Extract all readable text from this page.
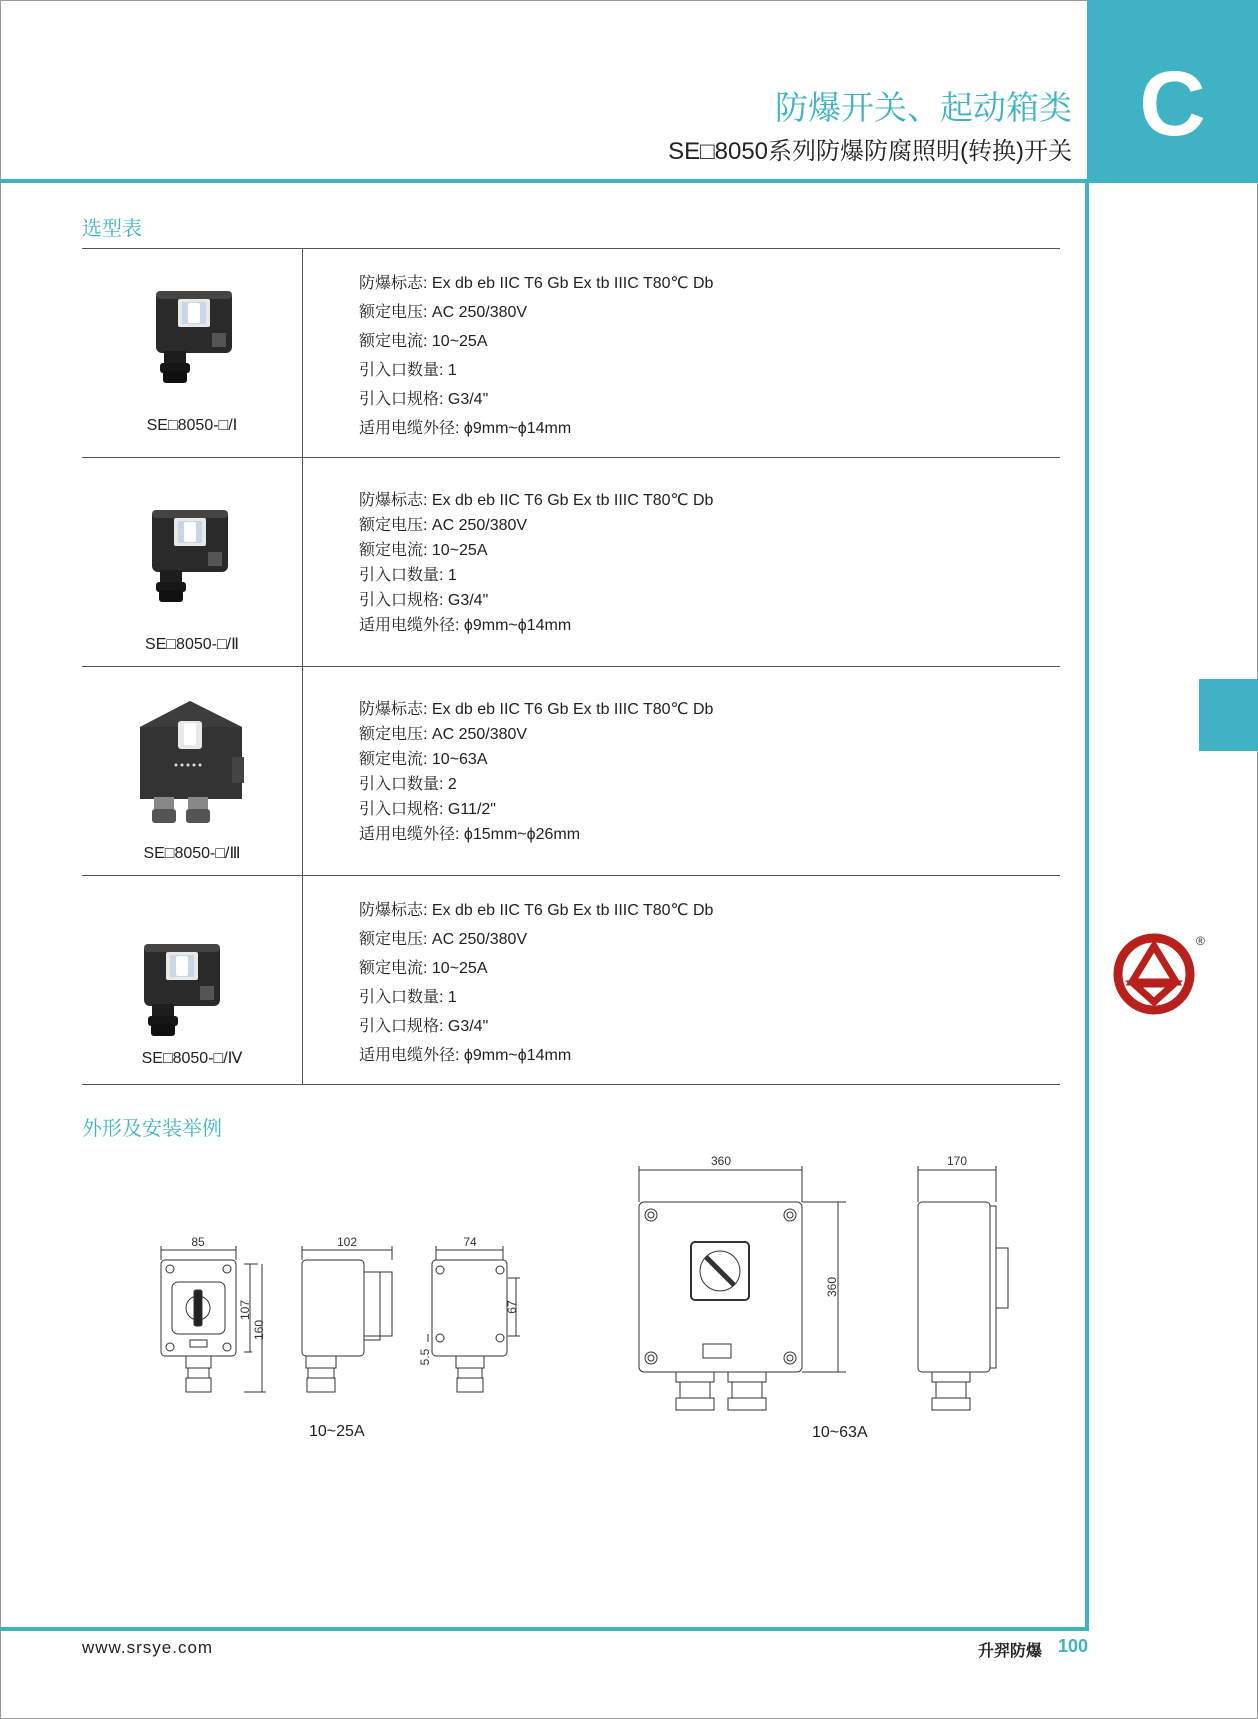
C
防爆开关、起动箱类
SE□8050系列防爆防腐照明(转换)开关
选型表
SE□8050-□/Ⅰ
防爆标志: Ex db eb IIC T6 Gb Ex tb IIIC T80℃ Db
额定电压: AC 250/380V
额定电流: 10~25A
引入口数量: 1
引入口规格: G3/4"
适用电缆外径: ϕ9mm~ϕ14mm
SE□8050-□/Ⅱ
防爆标志: Ex db eb IIC T6 Gb Ex tb IIIC T80℃ Db
额定电压: AC 250/380V
额定电流: 10~25A
引入口数量: 1
引入口规格: G3/4"
适用电缆外径: ϕ9mm~ϕ14mm
SE□8050-□/Ⅲ
防爆标志: Ex db eb IIC T6 Gb Ex tb IIIC T80℃ Db
额定电压: AC 250/380V
额定电流: 10~63A
引入口数量: 2
引入口规格: G11/2"
适用电缆外径: ϕ15mm~ϕ26mm
SE□8050-□/Ⅳ
防爆标志: Ex db eb IIC T6 Gb Ex tb IIIC T80℃ Db
额定电压: AC 250/380V
额定电流: 10~25A
引入口数量: 1
引入口规格: G3/4"
适用电缆外径: ϕ9mm~ϕ14mm
外形及安装举例
85
107
160
102	74
67
5.5
360
360
170
10~25A	10~63A
®
www.srsye.com	升羿防爆 100
